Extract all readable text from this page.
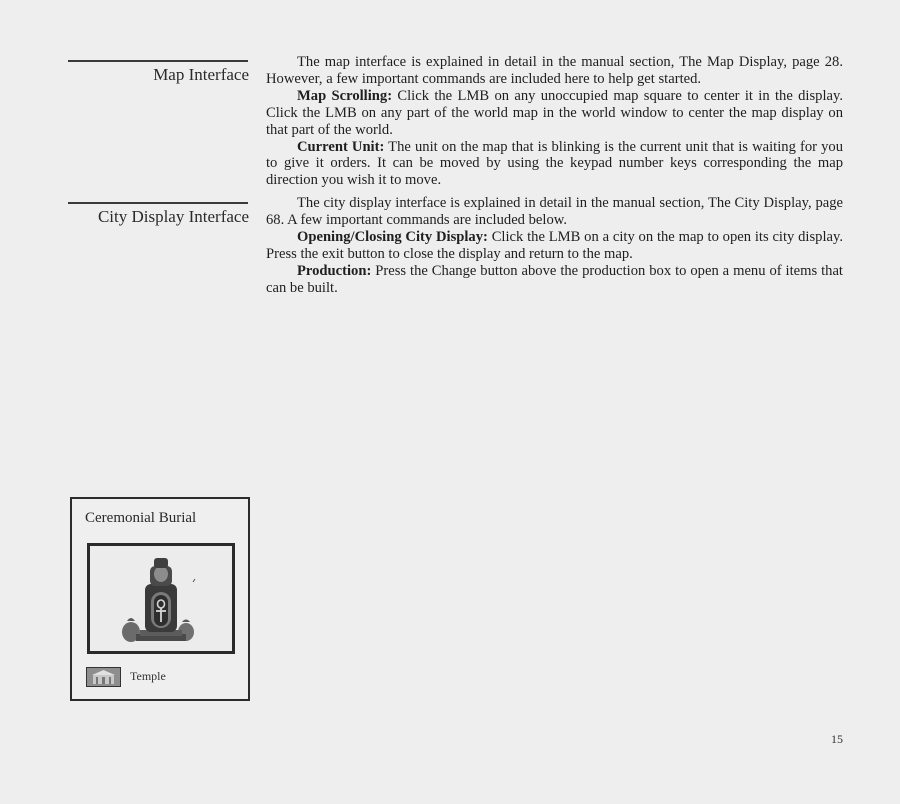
Map Interface

The map interface is explained in detail in the manual section, The Map Display, page 28. However, a few important commands are included here to help get started.

Map Scrolling: Click the LMB on any unoccupied map square to center it in the display. Click the LMB on any part of the world map in the world window to center the map display on that part of the world.

Current Unit: The unit on the map that is blinking is the current unit that is waiting for you to give it orders. It can be moved by using the keypad number keys corresponding the map direction you wish it to move.

City Display Interface

The city display interface is explained in detail in the manual section, The City Display, page 68. A few important commands are included below.

Opening/Closing City Display: Click the LMB on a city on the map to open its city display. Press the exit button to close the display and return to the map.

Production: Press the Change button above the production box to open a menu of items that can be built.

Ceremonial Burial
Temple
15
